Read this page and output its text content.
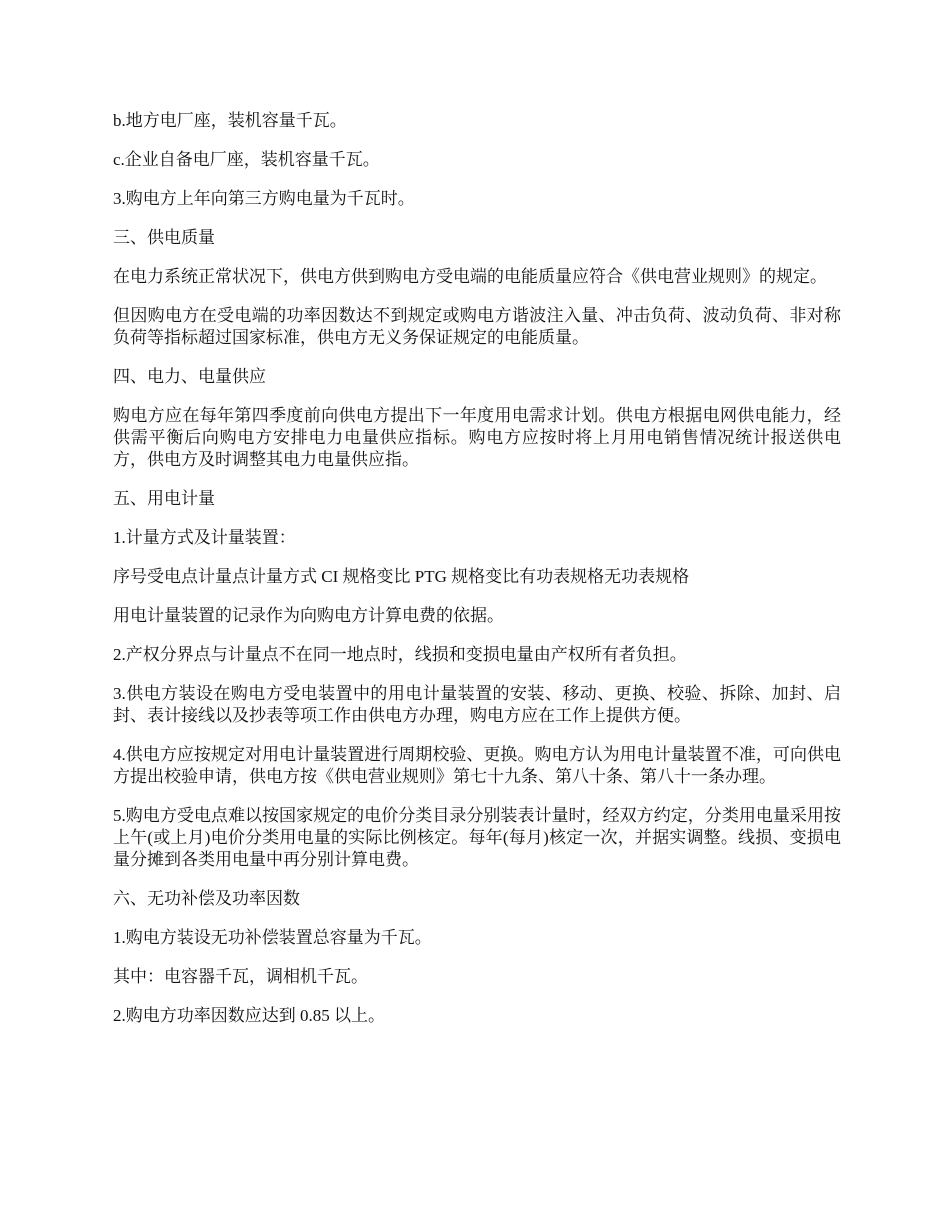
b.地方电厂座，装机容量千瓦。

c.企业自备电厂座，装机容量千瓦。

3.购电方上年向第三方购电量为千瓦时。

三、供电质量

在电力系统正常状况下，供电方供到购电方受电端的电能质量应符合《供电营业规则》的规定。

但因购电方在受电端的功率因数达不到规定或购电方谐波注入量、冲击负荷、波动负荷、非对称负荷等指标超过国家标准，供电方无义务保证规定的电能质量。

四、电力、电量供应

购电方应在每年第四季度前向供电方提出下一年度用电需求计划。供电方根据电网供电能力，经供需平衡后向购电方安排电力电量供应指标。购电方应按时将上月用电销售情况统计报送供电方，供电方及时调整其电力电量供应指。

五、用电计量

1.计量方式及计量装置：

序号受电点计量点计量方式 CI 规格变比 PTG 规格变比有功表规格无功表规格

用电计量装置的记录作为向购电方计算电费的依据。

2.产权分界点与计量点不在同一地点时，线损和变损电量由产权所有者负担。

3.供电方装设在购电方受电装置中的用电计量装置的安装、移动、更换、校验、拆除、加封、启封、表计接线以及抄表等项工作由供电方办理，购电方应在工作上提供方便。

4.供电方应按规定对用电计量装置进行周期校验、更换。购电方认为用电计量装置不准，可向供电方提出校验申请，供电方按《供电营业规则》第七十九条、第八十条、第八十一条办理。

5.购电方受电点难以按国家规定的电价分类目录分别装表计量时，经双方约定，分类用电量采用按上午(或上月)电价分类用电量的实际比例核定。每年(每月)核定一次，并据实调整。线损、变损电量分摊到各类用电量中再分别计算电费。

六、无功补偿及功率因数

1.购电方装设无功补偿装置总容量为千瓦。

其中：电容器千瓦，调相机千瓦。

2.购电方功率因数应达到 0.85 以上。
